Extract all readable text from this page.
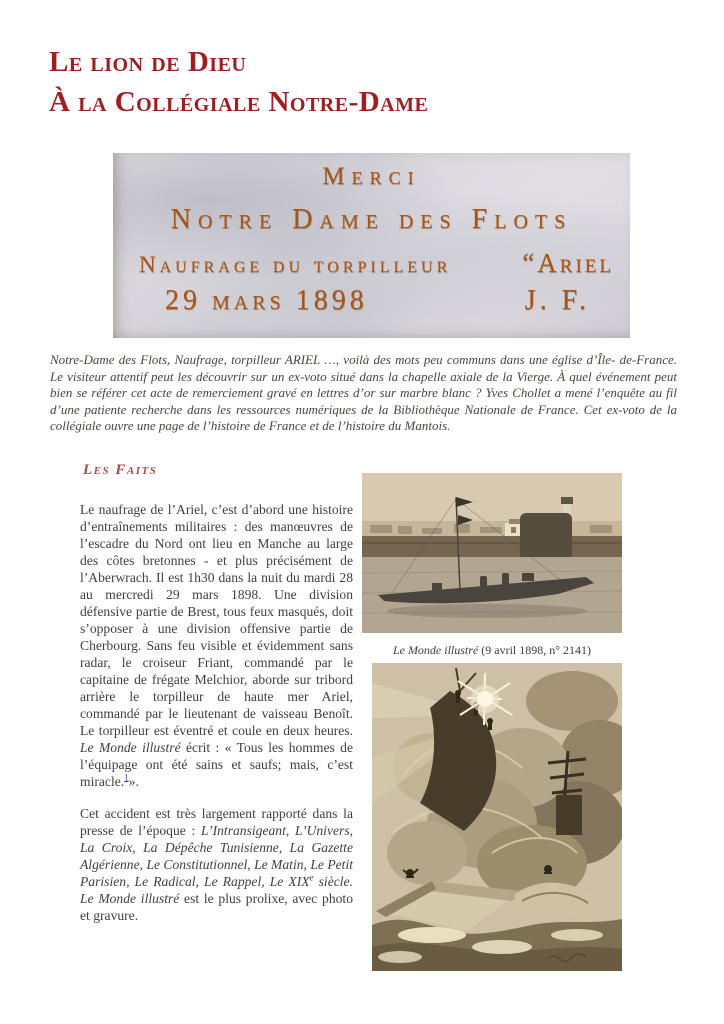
Le lion de Dieu
À la Collégiale Notre-Dame
Merci
Notre Dame des Flots
Naufrage du torpilleur	“Ariel
29 mars 1898	J. F.

Notre-Dame des Flots, Naufrage, torpilleur ARIEL …, voilà des mots peu communs dans une église d’Île- de-France. Le visiteur attentif peut les découvrir sur un ex-voto situé dans la chapelle axiale de la Vierge. À quel événement peut bien se référer cet acte de remerciement gravé en lettres d’or sur marbre blanc ? Yves Chollet a mené l’enquête au fil d’une patiente recherche dans les ressources numériques de la Bibliothèque Nationale de France. Cet ex-voto de la collégiale ouvre une page de l’histoire de France et de l’histoire du Mantois.

Les Faits

Le naufrage de l’Ariel, c’est d’abord une histoire d’entraînements militaires : des manœuvres de l’escadre du Nord ont lieu en Manche au large des côtes bretonnes - et plus précisément de l’Aberwrach. Il est 1h30 dans la nuit du mardi 28 au mercredi 29 mars 1898. Une division défensive partie de Brest, tous feux masqués, doit s’opposer à une division offensive partie de Cherbourg. Sans feu visible et évidemment sans radar, le croiseur Friant, commandé par le capitaine de frégate Melchior, aborde sur tribord arrière le torpilleur de haute mer Ariel, commandé par le lieutenant de vaisseau Benoît. Le torpilleur est éventré et coule en deux heures. Le Monde illustré écrit : « Tous les hommes de l’équipage ont été sains et saufs; mais, c’est miracle.$^1$».

Cet accident est très largement rapporté dans la presse de l’époque : L’Intransigeant, L’Univers, La Croix, La Dépêche Tunisienne, La Gazette Algérienne, Le Constitutionnel, Le Matin, Le Petit Parisien, Le Radical, Le Rappel, Le XIXe siècle. Le Monde illustré est le plus prolixe, avec photo et gravure.

Le Monde illustré (9 avril 1898, n° 2141)
